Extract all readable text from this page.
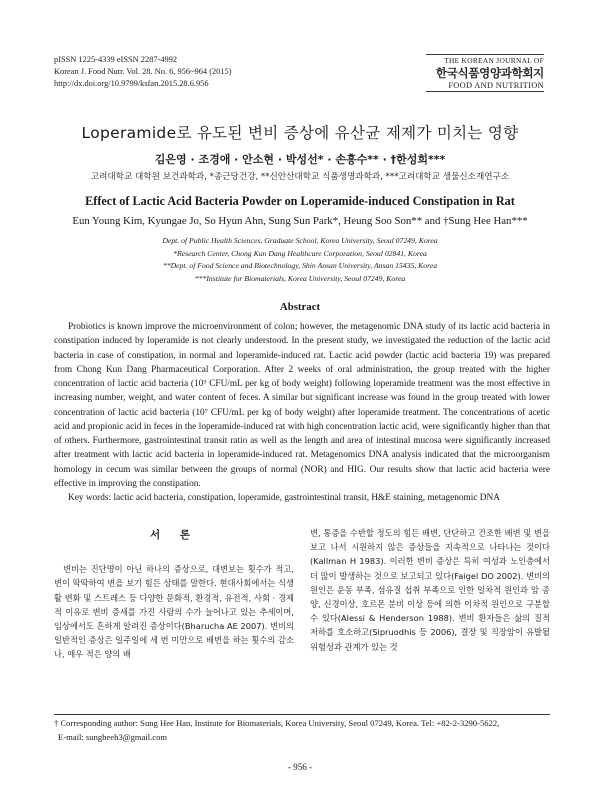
pISSN 1225-4339 eISSN 2287-4992
Korean J. Food Nutr. Vol. 28. No. 6, 956~964 (2015)
http://dx.doi.org/10.9799/ksfan.2015.28.6.956
THE KOREAN JOURNAL OF
한국식품영양과학회지
FOOD AND NUTRITION
Loperamide로 유도된 변비 증상에 유산균 제제가 미치는 영향
김은영 · 조경애 · 안소현 · 박성선* · 손흥수** · †한성희***
고려대학교 대학원 보건과학과, *종근당건강, **신안산대학교 식품생명과학과, ***고려대학교 생물신소재연구소
Effect of Lactic Acid Bacteria Powder on Loperamide-induced Constipation in Rat
Eun Young Kim, Kyungae Jo, So Hyun Ahn, Sung Sun Park*, Heung Soo Son** and †Sung Hee Han***
Dept. of Public Health Sciences, Graduate School, Korea University, Seoul 07249, Korea
*Research Center, Chong Kun Dang Healthcare Corporation, Seoul 02841, Korea
**Dept. of Food Science and Biotechnology, Shin Ansan University, Ansan 15435, Korea
***Institute for Biomaterials, Korea University, Seoul 07249, Korea
Abstract

Probiotics is known improve the microenvironment of colon; however, the metagenomic DNA study of its lactic acid bacteria in constipation induced by loperamide is not clearly understood. In the present study, we investigated the reduction of the lactic acid bacteria in case of constipation, in normal and loperamide-induced rat. Lactic acid powder (lactic acid bacteria 19) was prepared from Chong Kun Dang Pharmaceutical Corporation. After 2 weeks of oral administration, the group treated with the higher concentration of lactic acid bacteria (10⁹ CFU/mL per kg of body weight) following loperamide treatment was the most effective in increasing number, weight, and water content of feces. A similar but significant increase was found in the group treated with lower concentration of lactic acid bacteria (10⁷ CFU/mL per kg of body weight) after loperamide treatment. The concentrations of acetic acid and propionic acid in feces in the loperamide-induced rat with high concentration lactic acid, were significantly higher than that of others. Furthermore, gastrointestinal transit ratio as well as the length and area of intestinal mucosa were significantly increased after treatment with lactic acid bacteria in loperamide-induced rat. Metagenomics DNA analysis indicated that the microorganism homology in cecum was similar between the groups of normal (NOR) and HIG. Our results show that lactic acid bacteria were effective in improving the constipation.

Key words: lactic acid bacteria, constipation, loperamide, gastrointestinal transit, H&E staining, metagenomic DNA

서 론

변비는 진단명이 아닌 하나의 증상으로, 대변보는 횟수가 적고, 변이 딱딱하여 변을 보기 힘든 상태를 말한다. 현대사회에서는 식생활 변화 및 스트레스 등 다양한 문화적, 환경적, 유전적, 사회 · 경제적 이유로 변비 증세를 가진 사람의 수가 늘어나고 있는 추세이며, 임상에서도 흔하게 알려진 증상이다(Bharucha AE 2007). 변비의 일반적인 증상은 일주일에 세 번 미만으로 배변을 하는 횟수의 감소나, 매우 적은 양의 배

변, 통증을 수반할 정도의 힘든 배변, 단단하고 건조한 배변 및 변을 보고 나서 시원하지 않은 증상들을 지속적으로 나타나는 것이다(Kallman H 1983). 이러한 변비 증상은 특히 여성과 노인층에서 더 많이 발생하는 것으로 보고되고 있다(Faigel DO 2002). 변비의 원인은 운동 부족, 섬유질 섭취 부족으로 인한 일차적 원인과 암 종양, 신경이상, 호르몬 분비 이상 등에 의한 이차적 원인으로 구분할 수 있다(Alessi & Henderson 1988). 변비 환자들은 삶의 질적 저하를 호소하고(Sipruodhis 등 2006), 결장 및 직장암이 유발될 위험성과 관계가 있는 것

† Corresponding author: Sung Hee Han, Institute for Biomaterials, Korea University, Seoul 07249, Korea. Tel: +82-2-3290-5622,
E-mail: sungheeh3@gmail.com
- 956 -
